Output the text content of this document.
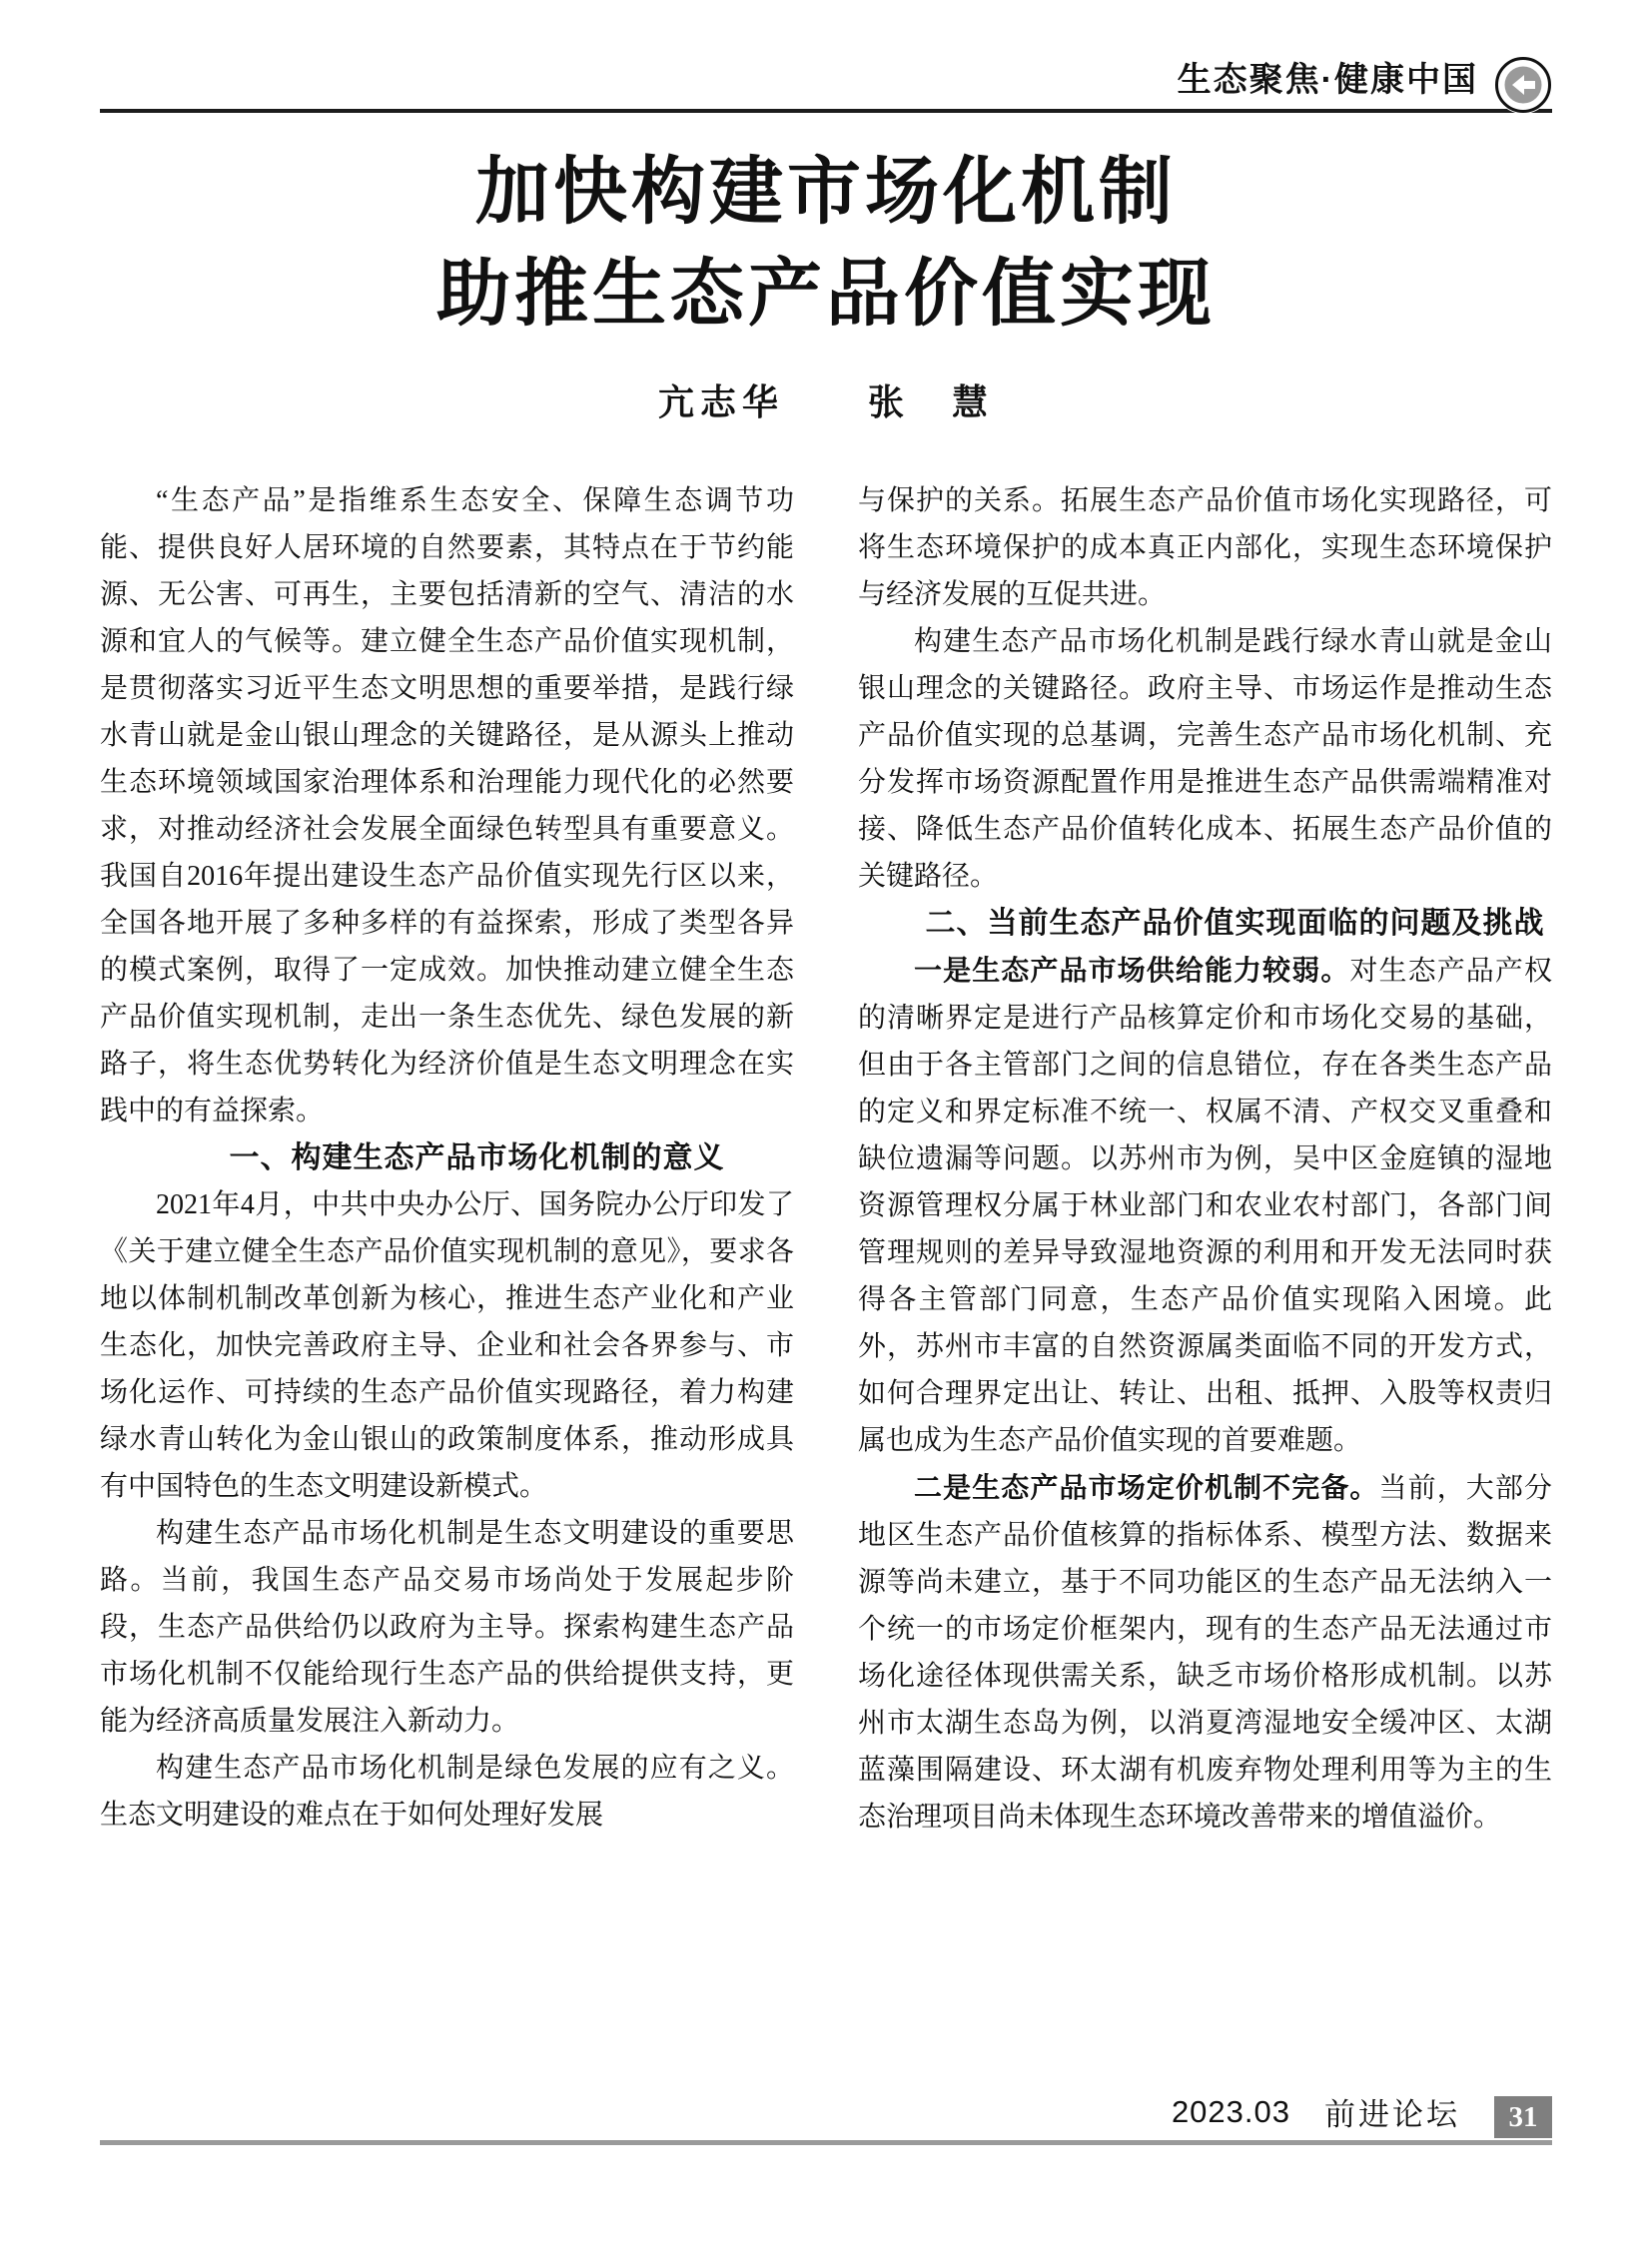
生态聚焦·健康中国
加快构建市场化机制
助推生态产品价值实现
亢志华　　张　慧

“生态产品”是指维系生态安全、保障生态调节功能、提供良好人居环境的自然要素，其特点在于节约能源、无公害、可再生，主要包括清新的空气、清洁的水源和宜人的气候等。建立健全生态产品价值实现机制，是贯彻落实习近平生态文明思想的重要举措，是践行绿水青山就是金山银山理念的关键路径，是从源头上推动生态环境领域国家治理体系和治理能力现代化的必然要求，对推动经济社会发展全面绿色转型具有重要意义。我国自2016年提出建设生态产品价值实现先行区以来，全国各地开展了多种多样的有益探索，形成了类型各异的模式案例，取得了一定成效。加快推动建立健全生态产品价值实现机制，走出一条生态优先、绿色发展的新路子，将生态优势转化为经济价值是生态文明理念在实践中的有益探索。

一、构建生态产品市场化机制的意义

2021年4月，中共中央办公厅、国务院办公厅印发了《关于建立健全生态产品价值实现机制的意见》，要求各地以体制机制改革创新为核心，推进生态产业化和产业生态化，加快完善政府主导、企业和社会各界参与、市场化运作、可持续的生态产品价值实现路径，着力构建绿水青山转化为金山银山的政策制度体系，推动形成具有中国特色的生态文明建设新模式。

构建生态产品市场化机制是生态文明建设的重要思路。当前，我国生态产品交易市场尚处于发展起步阶段，生态产品供给仍以政府为主导。探索构建生态产品市场化机制不仅能给现行生态产品的供给提供支持，更能为经济高质量发展注入新动力。

构建生态产品市场化机制是绿色发展的应有之义。生态文明建设的难点在于如何处理好发展

与保护的关系。拓展生态产品价值市场化实现路径，可将生态环境保护的成本真正内部化，实现生态环境保护与经济发展的互促共进。

构建生态产品市场化机制是践行绿水青山就是金山银山理念的关键路径。政府主导、市场运作是推动生态产品价值实现的总基调，完善生态产品市场化机制、充分发挥市场资源配置作用是推进生态产品供需端精准对接、降低生态产品价值转化成本、拓展生态产品价值的关键路径。

二、当前生态产品价值实现面临的问题及挑战

一是生态产品市场供给能力较弱。对生态产品产权的清晰界定是进行产品核算定价和市场化交易的基础，但由于各主管部门之间的信息错位，存在各类生态产品的定义和界定标准不统一、权属不清、产权交叉重叠和缺位遗漏等问题。以苏州市为例，吴中区金庭镇的湿地资源管理权分属于林业部门和农业农村部门，各部门间管理规则的差异导致湿地资源的利用和开发无法同时获得各主管部门同意，生态产品价值实现陷入困境。此外，苏州市丰富的自然资源属类面临不同的开发方式，如何合理界定出让、转让、出租、抵押、入股等权责归属也成为生态产品价值实现的首要难题。

二是生态产品市场定价机制不完备。当前，大部分地区生态产品价值核算的指标体系、模型方法、数据来源等尚未建立，基于不同功能区的生态产品无法纳入一个统一的市场定价框架内，现有的生态产品无法通过市场化途径体现供需关系，缺乏市场价格形成机制。以苏州市太湖生态岛为例，以消夏湾湿地安全缓冲区、太湖蓝藻围隔建设、环太湖有机废弃物处理利用等为主的生态治理项目尚未体现生态环境改善带来的增值溢价。

2023.03 前进论坛	31
